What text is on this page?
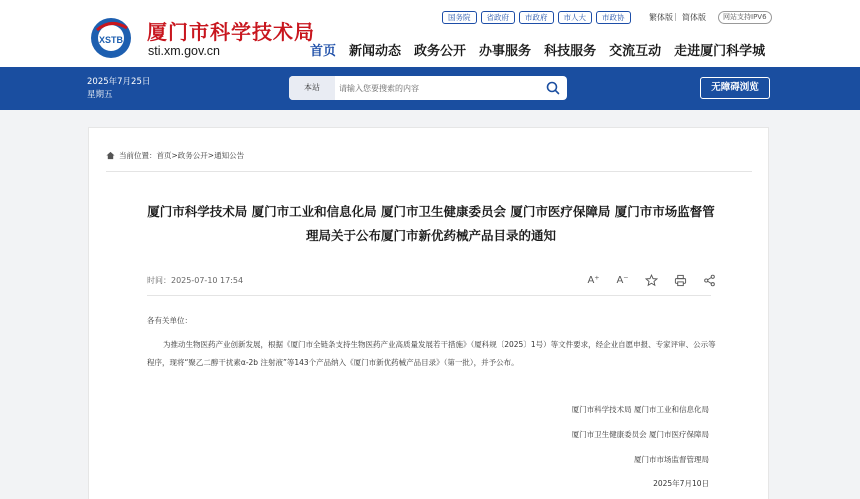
XSTB 厦门市科学技术局
sti.xm.gov.cn
国务院	省政府	市政府	市人大	市政协	繁体版 | 简体版	网站支持IPV6
首页 新闻动态 政务公开 办事服务 科技服务 交流互动 走进厦门科学城
2025年7月25日
星期五
本站
请输入您要搜索的内容	无障碍浏览
当前位置： 首页 > 政务公开 > 通知公告
厦门市科学技术局 厦门市工业和信息化局 厦门市卫生健康委员会 厦门市医疗保障局 厦门市市场监督管理局关于公布厦门市新优药械产品目录的通知
时间：2025-07-10 17:54	A⁺	A⁻
各有关单位：
为推动生物医药产业创新发展，根据《厦门市全链条支持生物医药产业高质量发展若干措施》（厦科规〔2025〕1号）等文件要求，经企业自愿申报、专家评审、公示等程序，现将“聚乙二醇干扰素α-2b 注射液”等143个产品纳入《厦门市新优药械产品目录》（第一批），并予公布。
厦门市科学技术局 厦门市工业和信息化局
厦门市卫生健康委员会 厦门市医疗保障局
厦门市市场监督管理局
2025年7月10日
